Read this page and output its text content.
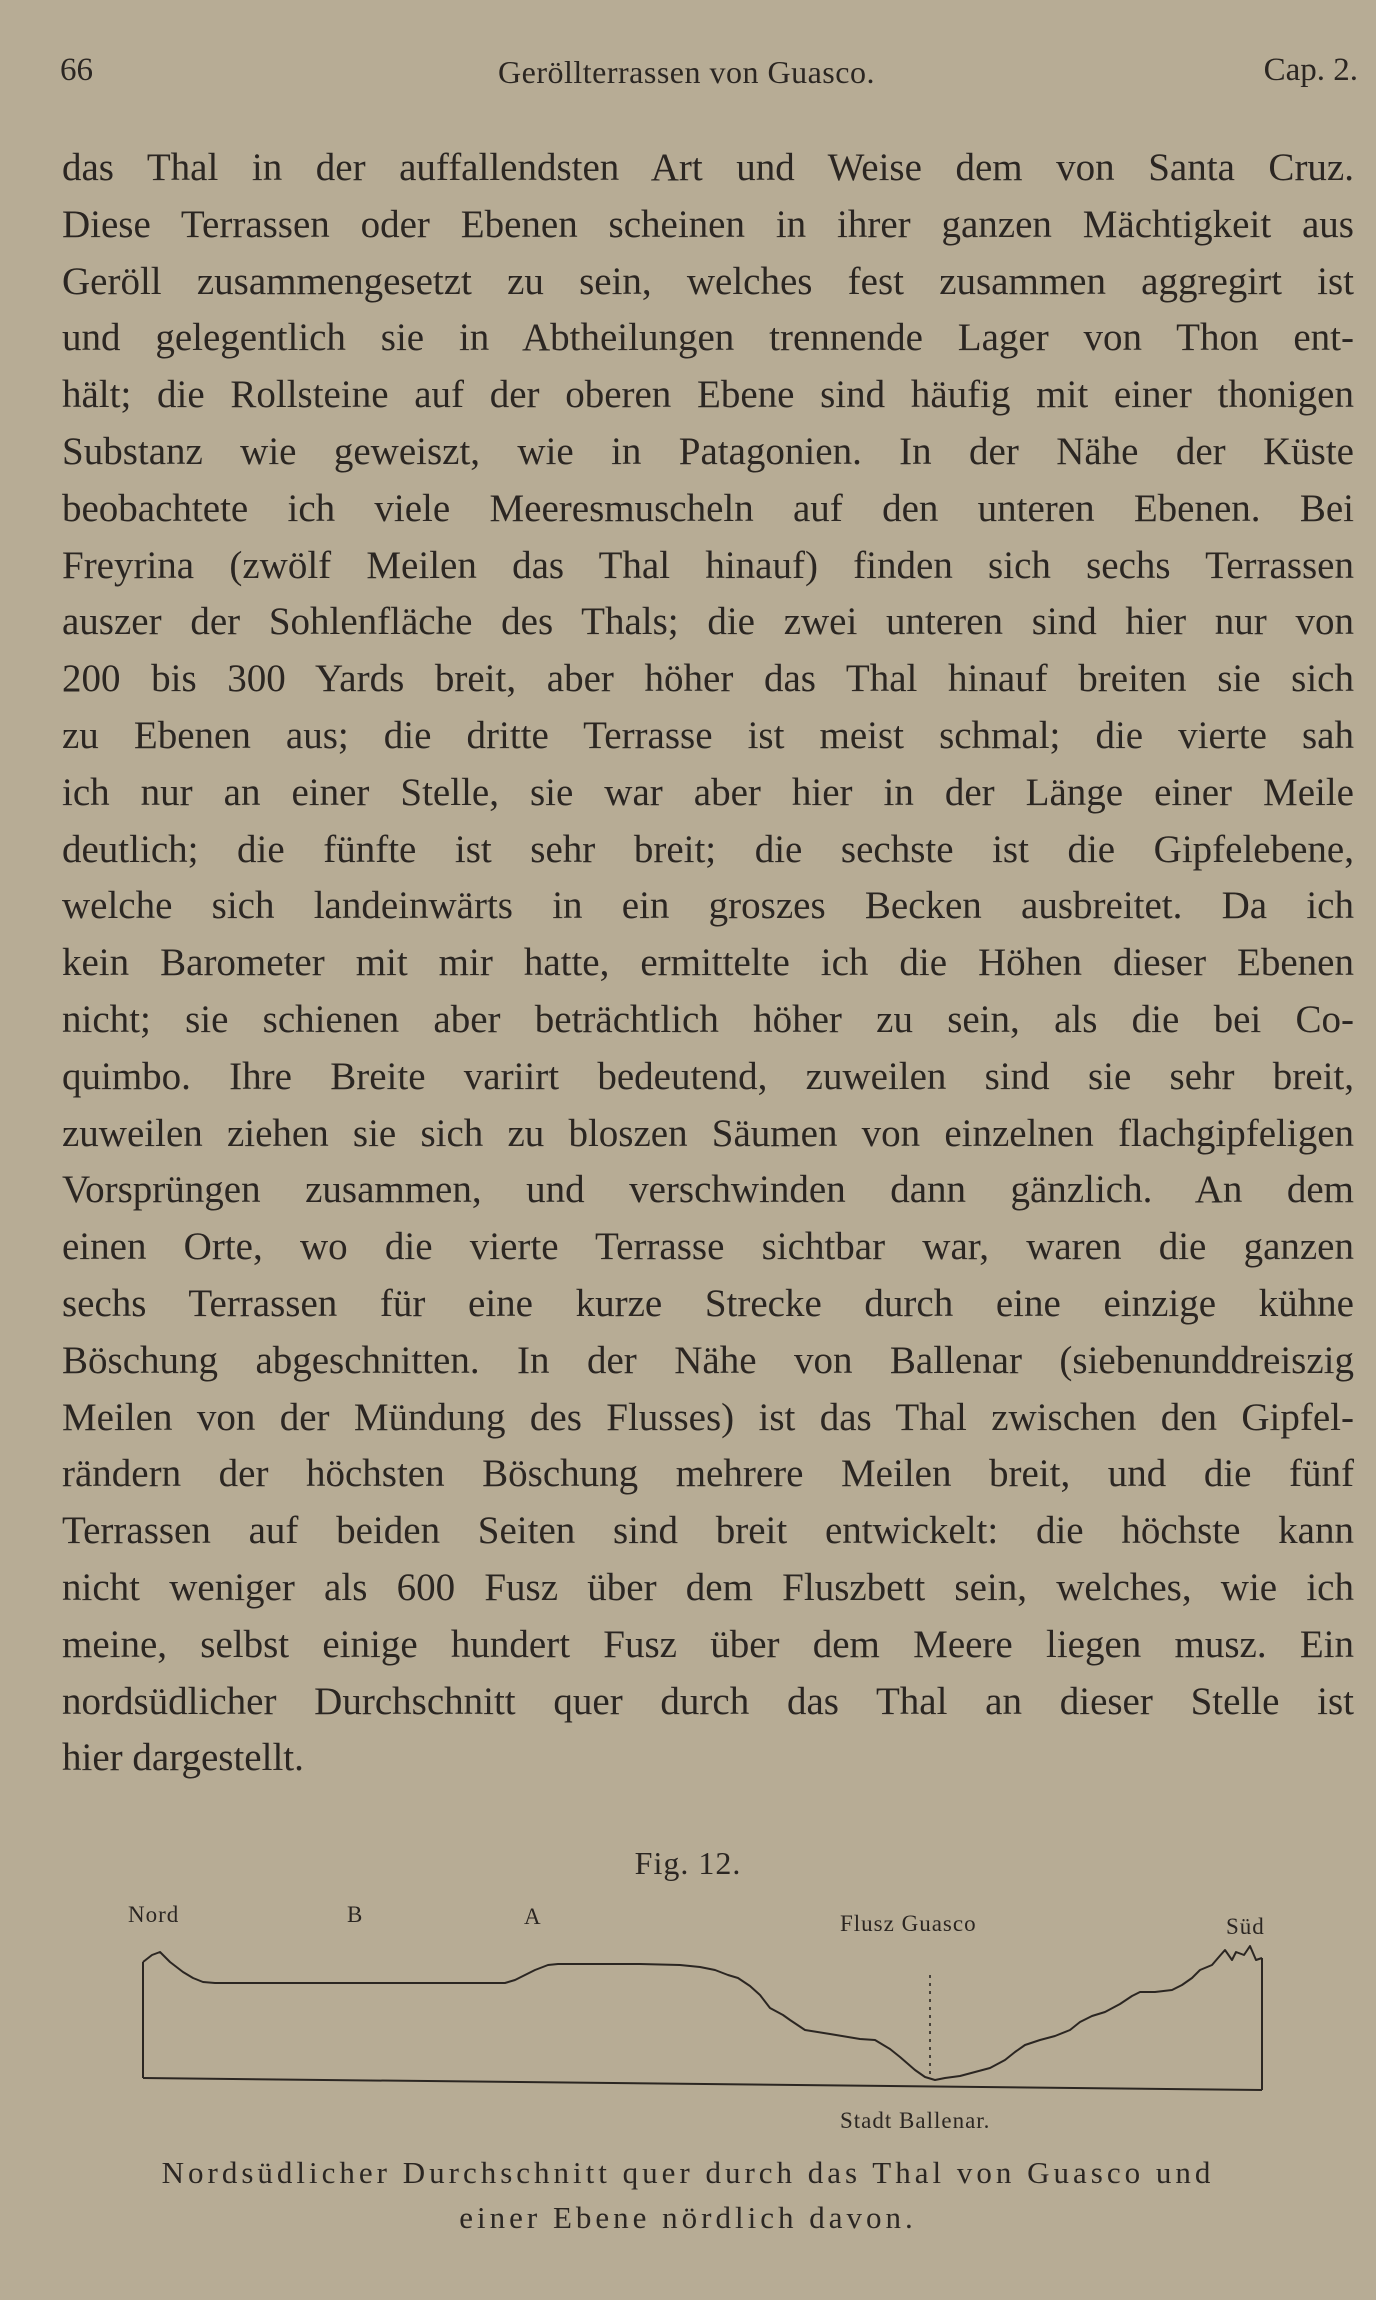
66	Geröllterrassen von Guasco.	Cap. 2.
das Thal in der auffallendsten Art und Weise dem von Santa Cruz.
Diese Terrassen oder Ebenen scheinen in ihrer ganzen Mächtigkeit aus
Geröll zusammengesetzt zu sein, welches fest zusammen aggregirt ist
und gelegentlich sie in Abtheilungen trennende Lager von Thon ent-
hält; die Rollsteine auf der oberen Ebene sind häufig mit einer thonigen
Substanz wie geweiszt, wie in Patagonien. In der Nähe der Küste
beobachtete ich viele Meeresmuscheln auf den unteren Ebenen. Bei
Freyrina (zwölf Meilen das Thal hinauf) finden sich sechs Terrassen
auszer der Sohlenfläche des Thals; die zwei unteren sind hier nur von
200 bis 300 Yards breit, aber höher das Thal hinauf breiten sie sich
zu Ebenen aus; die dritte Terrasse ist meist schmal; die vierte sah
ich nur an einer Stelle, sie war aber hier in der Länge einer Meile
deutlich; die fünfte ist sehr breit; die sechste ist die Gipfelebene,
welche sich landeinwärts in ein groszes Becken ausbreitet. Da ich
kein Barometer mit mir hatte, ermittelte ich die Höhen dieser Ebenen
nicht; sie schienen aber beträchtlich höher zu sein, als die bei Co-
quimbo. Ihre Breite variirt bedeutend, zuweilen sind sie sehr breit,
zuweilen ziehen sie sich zu bloszen Säumen von einzelnen flachgipfeligen
Vorsprüngen zusammen, und verschwinden dann gänzlich. An dem
einen Orte, wo die vierte Terrasse sichtbar war, waren die ganzen
sechs Terrassen für eine kurze Strecke durch eine einzige kühne
Böschung abgeschnitten. In der Nähe von Ballenar (siebenunddreiszig
Meilen von der Mündung des Flusses) ist das Thal zwischen den Gipfel-
rändern der höchsten Böschung mehrere Meilen breit, und die fünf
Terrassen auf beiden Seiten sind breit entwickelt: die höchste kann
nicht weniger als 600 Fusz über dem Fluszbett sein, welches, wie ich
meine, selbst einige hundert Fusz über dem Meere liegen musz. Ein
nordsüdlicher Durchschnitt quer durch das Thal an dieser Stelle ist
hier dargestellt.
Fig. 12.
Nord	B	A	Flusz Guasco	Süd
Stadt Ballenar.
Nordsüdlicher Durchschnitt quer durch das Thal von Guasco und
einer Ebene nördlich davon.
